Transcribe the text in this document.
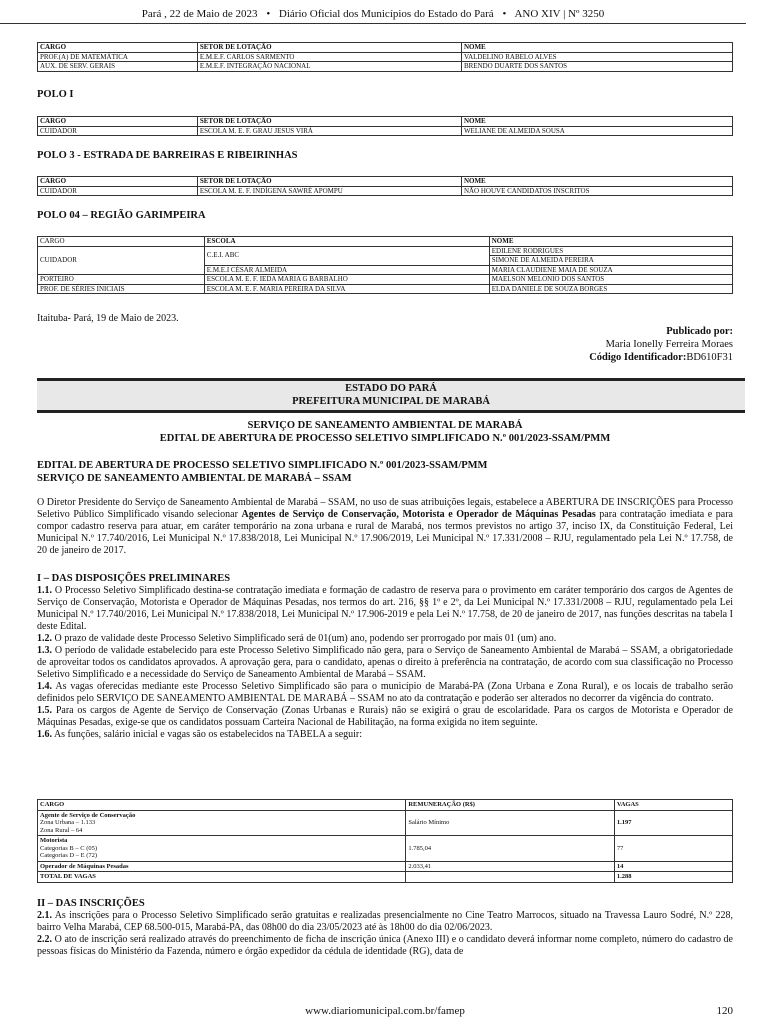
Pará , 22 de Maio de 2023 • Diário Oficial dos Municípios do Estado do Pará • ANO XIV | Nº 3250
CARGO	SETOR DE LOTAÇÃO	NOME
PROF.(A) DE MATEMÁTICA	E.M.E.F. CARLOS SARMENTO	VALDELINO RABELO ALVES
AUX. DE SERV. GERAIS	E.M.E.F. INTEGRAÇÃO NACIONAL	BRENDO DUARTE DOS SANTOS
POLO I
CARGO	SETOR DE LOTAÇÃO	NOME
CUIDADOR	ESCOLA M. E. F. GRAU JESUS VIRÁ	WELIANE DE ALMEIDA SOUSA
POLO 3 - ESTRADA DE BARREIRAS E RIBEIRINHAS
CARGO	SETOR DE LOTAÇÃO	NOME
CUIDADOR	ESCOLA M. E. F. INDÍGENA SAWRÉ APOMPU	NÃO HOUVE CANDIDATOS INSCRITOS
POLO 04 – REGIÃO GARIMPEIRA
CARGO	ESCOLA	NOME
CUIDADOR	C.E.I. ABC	EDILENE RODRIGUES
		SIMONE DE ALMEIDA PEREIRA
	E.M.E.I CÉSAR ALMEIDA	MARIA CLAUDIENE MAIA DE SOUZA
PORTEIRO	ESCOLA M. E. F. IEDA MARIA G BARBALHO	MAELSON MELONIO DOS SANTOS
PROF. DE SÉRIES INICIAIS	ESCOLA M. E. F. MARIA PEREIRA DA SILVA	ELDA DANIELE DE SOUZA BORGES
Itaituba- Pará, 19 de Maio de 2023.
Publicado por:
Maria Ionelly Ferreira Moraes
Código Identificador:BD610F31
ESTADO DO PARÁ
PREFEITURA MUNICIPAL DE MARABÁ
SERVIÇO DE SANEAMENTO AMBIENTAL DE MARABÁ
EDITAL DE ABERTURA DE PROCESSO SELETIVO SIMPLIFICADO N.º 001/2023-SSAM/PMM
EDITAL DE ABERTURA DE PROCESSO SELETIVO SIMPLIFICADO N.º 001/2023-SSAM/PMM
SERVIÇO DE SANEAMENTO AMBIENTAL DE MARABÁ – SSAM
O Diretor Presidente do Serviço de Saneamento Ambiental de Marabá – SSAM, no uso de suas atribuições legais, estabelece a ABERTURA DE INSCRIÇÕES para Processo Seletivo Público Simplificado visando selecionar Agentes de Serviço de Conservação, Motorista e Operador de Máquinas Pesadas para contratação imediata e para compor cadastro reserva para atuar, em caráter temporário na zona urbana e rural de Marabá, nos termos previstos no artigo 37, inciso IX, da Constituição Federal, Lei Municipal N.º 17.740/2016, Lei Municipal N.º 17.838/2018, Lei Municipal N.º 17.906/2019, Lei Municipal N.º 17.331/2008 – RJU, regulamentado pela Lei N.º 17.758, de 20 de janeiro de 2017.
I – DAS DISPOSIÇÕES PRELIMINARES
1.1. O Processo Seletivo Simplificado destina-se contratação imediata e formação de cadastro de reserva para o provimento em caráter temporário dos cargos de Agentes de Serviço de Conservação, Motorista e Operador de Máquinas Pesadas, nos termos do art. 216, §§ 1º e 2º, da Lei Municipal N.º 17.331/2008 – RJU, regulamentado pela Lei Municipal N.º 17.740/2016, Lei Municipal N.º 17.838/2018, Lei Municipal N.º 17.906-2019 e pela Lei N.º 17.758, de 20 de janeiro de 2017, nas funções descritas na tabela I deste Edital.
1.2. O prazo de validade deste Processo Seletivo Simplificado será de 01(um) ano, podendo ser prorrogado por mais 01 (um) ano.
1.3. O período de validade estabelecido para este Processo Seletivo Simplificado não gera, para o Serviço de Saneamento Ambiental de Marabá – SSAM, a obrigatoriedade de aproveitar todos os candidatos aprovados. A aprovação gera, para o candidato, apenas o direito à preferência na contratação, de acordo com sua classificação no Processo Seletivo Simplificado e a necessidade do Serviço de Saneamento Ambiental de Marabá – SSAM.
1.4. As vagas oferecidas mediante este Processo Seletivo Simplificado são para o município de Marabá-PA (Zona Urbana e Zona Rural), e os locais de trabalho serão definidos pelo SERVIÇO DE SANEAMENTO AMBIENTAL DE MARABÁ – SSAM no ato da contratação e poderão ser alterados no decorrer da vigência do contrato.
1.5. Para os cargos de Agente de Serviço de Conservação (Zonas Urbanas e Rurais) não se exigirá o grau de escolaridade. Para os cargos de Motorista e Operador de Máquinas Pesadas, exige-se que os candidatos possuam Carteira Nacional de Habilitação, na forma exigida no item seguinte.
1.6. As funções, salário inicial e vagas são os estabelecidos na TABELA a seguir:
CARGO	REMUNERAÇÃO (R$)	VAGAS

Agente de Serviço de Conservação
Zona Urbana – 1.133
Zona Rural – 64	Salário Mínimo	1.197

Motorista
Categorias B – C (05)
Categorias D – E (72)	1.785,04	77
Operador de Máquinas Pesadas	2.033,41	14
TOTAL DE VAGAS		1.288
II – DAS INSCRIÇÕES
2.1. As inscrições para o Processo Seletivo Simplificado serão gratuitas e realizadas presencialmente no Cine Teatro Marrocos, situado na Travessa Lauro Sodré, N.º 228, bairro Velha Marabá, CEP 68.500-015, Marabá-PA, das 08h00 do dia 23/05/2023 até às 18h00 do dia 02/06/2023.
2.2. O ato de inscrição será realizado através do preenchimento de ficha de inscrição única (Anexo III) e o candidato deverá informar nome completo, número do cadastro de pessoas físicas do Ministério da Fazenda, número e órgão expedidor da cédula de identidade (RG), data de
www.diariomunicipal.com.br/famep	120
